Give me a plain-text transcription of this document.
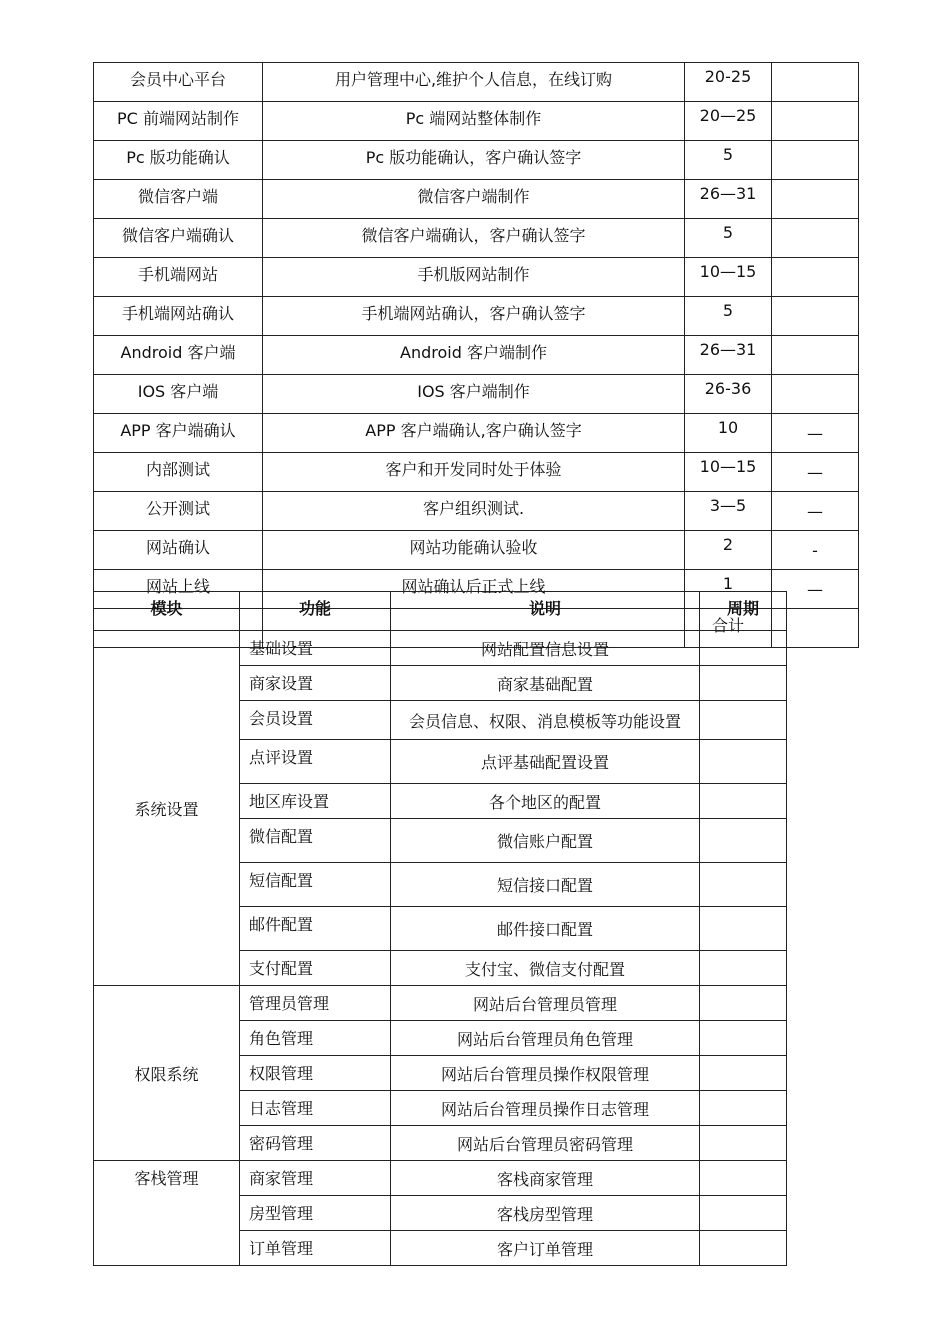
会员中心平台	用户管理中心,维护个人信息，在线订购	20-25	
PC 前端网站制作	Pc 端网站整体制作	20—25	
Pc 版功能确认	Pc 版功能确认，客户确认签字	5	
微信客户端	微信客户端制作	26—31	
微信客户端确认	微信客户端确认，客户确认签字	5	
手机端网站	手机版网站制作	10—15	
手机端网站确认	手机端网站确认，客户确认签字	5	
Android 客户端	Android 客户端制作	26—31	
IOS 客户端	IOS 客户端制作	26-36	
APP 客户端确认	APP 客户端确认,客户确认签字	10	—
内部测试	客户和开发同时处于体验	10—15	—
公开测试	客户组织测试.	3—5	—
网站确认	网站功能确认验收	2	-
网站上线	网站确认后正式上线	1	—
		合计	
模块	功能	说明	周期
系统设置	基础设置	网站配置信息设置	
	商家设置	商家基础配置	
	会员设置	会员信息、权限、消息模板等功能设置	
	点评设置	点评基础配置设置	
	地区库设置	各个地区的配置	
	微信配置	微信账户配置	
	短信配置	短信接口配置	
	邮件配置	邮件接口配置	
	支付配置	支付宝、微信支付配置	
权限系统	管理员管理	网站后台管理员管理	
	角色管理	网站后台管理员角色管理	
	权限管理	网站后台管理员操作权限管理	
	日志管理	网站后台管理员操作日志管理	
	密码管理	网站后台管理员密码管理	
客栈管理	商家管理	客栈商家管理	
	房型管理	客栈房型管理	
	订单管理	客户订单管理	
